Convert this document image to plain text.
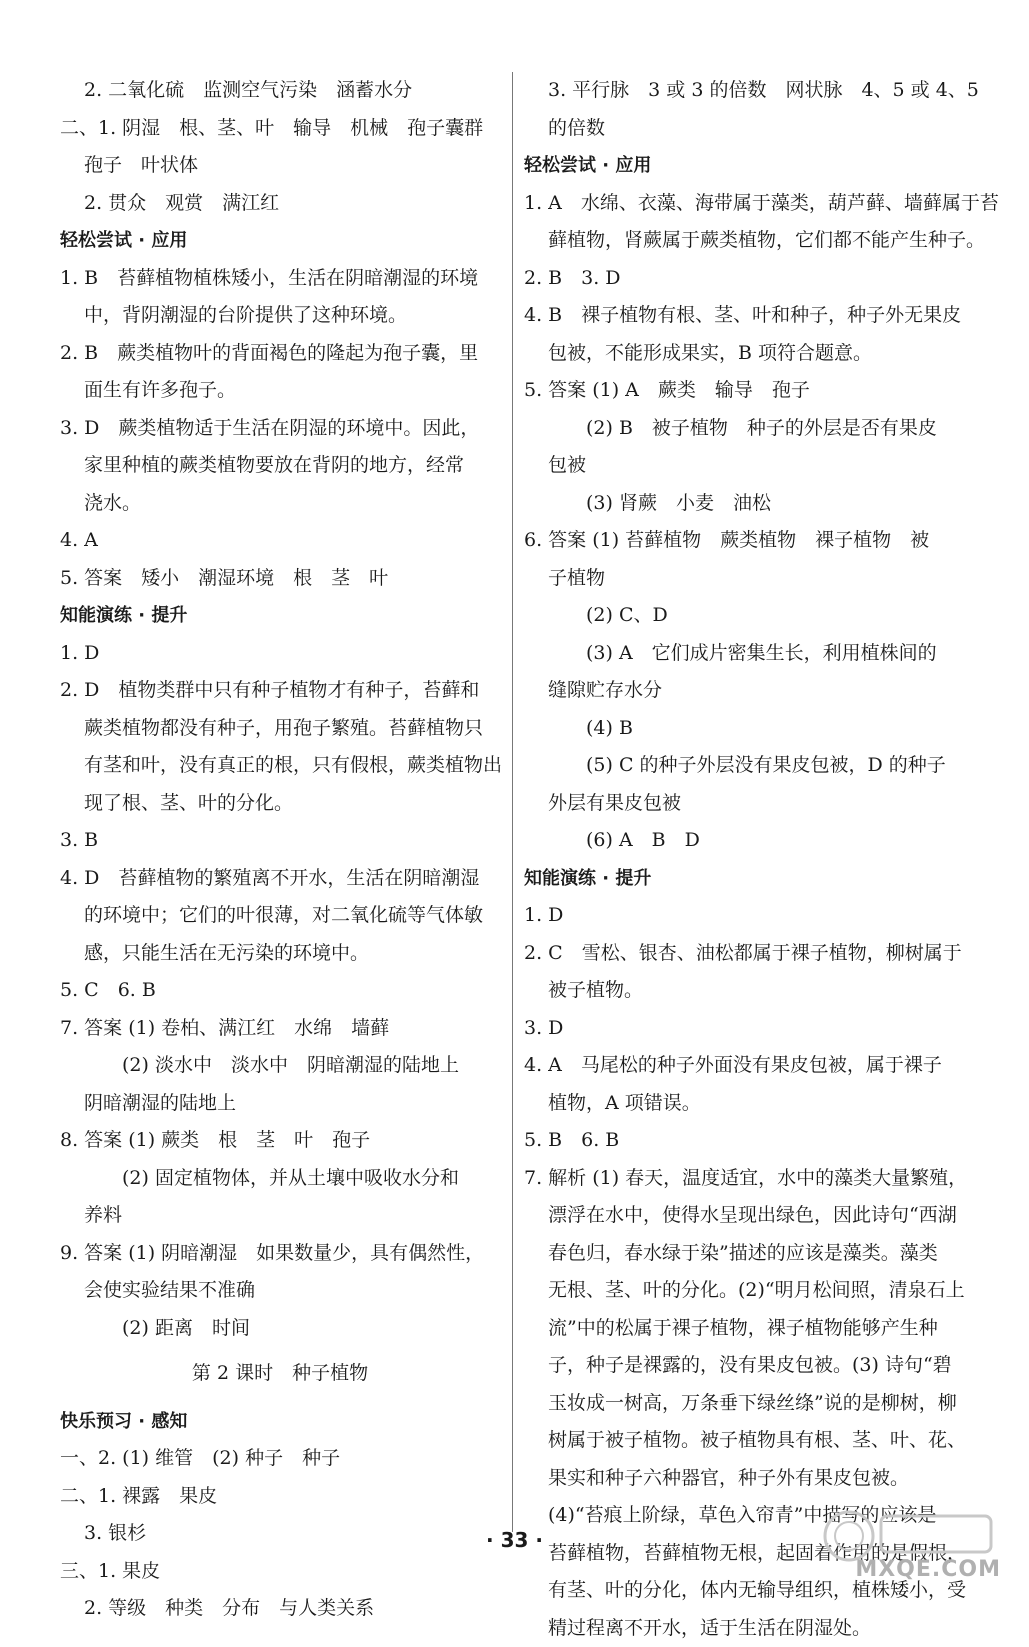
2. 二氧化硫　监测空气污染　涵蓄水分

二、1. 阴湿　根、茎、叶　输导　机械　孢子囊群

孢子　叶状体

2. 贯众　观赏　满江红

轻松尝试 · 应用

1. B　苔藓植物植株矮小，生活在阴暗潮湿的环境

中，背阴潮湿的台阶提供了这种环境。

2. B　蕨类植物叶的背面褐色的隆起为孢子囊，里

面生有许多孢子。

3. D　蕨类植物适于生活在阴湿的环境中。因此，

家里种植的蕨类植物要放在背阴的地方，经常

浇水。

4. A

5. 答案　矮小　潮湿环境　根　茎　叶

知能演练 · 提升

1. D

2. D　植物类群中只有种子植物才有种子，苔藓和

蕨类植物都没有种子，用孢子繁殖。苔藓植物只

有茎和叶，没有真正的根，只有假根，蕨类植物出

现了根、茎、叶的分化。

3. B

4. D　苔藓植物的繁殖离不开水，生活在阴暗潮湿

的环境中；它们的叶很薄，对二氧化硫等气体敏

感，只能生活在无污染的环境中。

5. C　6. B

7. 答案 (1) 卷柏、满江红　水绵　墙藓

(2) 淡水中　淡水中　阴暗潮湿的陆地上

阴暗潮湿的陆地上

8. 答案 (1) 蕨类　根　茎　叶　孢子

(2) 固定植物体，并从土壤中吸收水分和

养料

9. 答案 (1) 阴暗潮湿　如果数量少，具有偶然性，

会使实验结果不准确

(2) 距离　时间

第 2 课时　种子植物

快乐预习 · 感知

一、2. (1) 维管　(2) 种子　种子

二、1. 裸露　果皮

3. 银杉

三、1. 果皮

2. 等级　种类　分布　与人类关系

3. 平行脉　3 或 3 的倍数　网状脉　4、5 或 4、5

的倍数

轻松尝试 · 应用

1. A　水绵、衣藻、海带属于藻类，葫芦藓、墙藓属于苔

藓植物，肾蕨属于蕨类植物，它们都不能产生种子。

2. B　3. D

4. B　裸子植物有根、茎、叶和种子，种子外无果皮

包被，不能形成果实，B 项符合题意。

5. 答案 (1) A　蕨类　输导　孢子

(2) B　被子植物　种子的外层是否有果皮

包被

(3) 肾蕨　小麦　油松

6. 答案 (1) 苔藓植物　蕨类植物　裸子植物　被

子植物

(2) C、D

(3) A　它们成片密集生长，利用植株间的

缝隙贮存水分

(4) B

(5) C 的种子外层没有果皮包被，D 的种子

外层有果皮包被

(6) A　B　D

知能演练 · 提升

1. D

2. C　雪松、银杏、油松都属于裸子植物，柳树属于

被子植物。

3. D

4. A　马尾松的种子外面没有果皮包被，属于裸子

植物，A 项错误。

5. B　6. B

7. 解析 (1) 春天，温度适宜，水中的藻类大量繁殖，

漂浮在水中，使得水呈现出绿色，因此诗句“西湖

春色归，春水绿于染”描述的应该是藻类。藻类

无根、茎、叶的分化。(2)“明月松间照，清泉石上

流”中的松属于裸子植物，裸子植物能够产生种

子，种子是裸露的，没有果皮包被。(3) 诗句“碧

玉妆成一树高，万条垂下绿丝绦”说的是柳树，柳

树属于被子植物。被子植物具有根、茎、叶、花、

果实和种子六种器官，种子外有果皮包被。

(4)“苔痕上阶绿，草色入帘青”中描写的应该是

苔藓植物，苔藓植物无根，起固着作用的是假根，

有茎、叶的分化，体内无输导组织，植株矮小，受

精过程离不开水，适于生活在阴湿处。

· 33 ·
MXQE.COM
